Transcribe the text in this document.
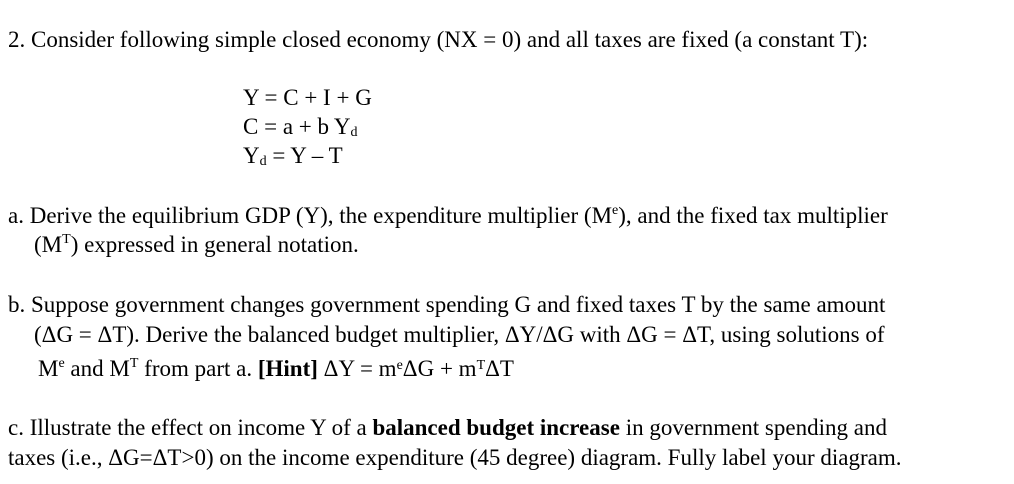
2. Consider following simple closed economy (NX = 0) and all taxes are fixed (a constant T):
Y = C + I + G
C = a + b $Y_d$
$Y_d = Y - T$
a. Derive the equilibrium GDP (Y), the expenditure multiplier (Me), and the fixed tax multiplier
$(M^T)$ expressed in general notation.
b. Suppose government changes government spending G and fixed taxes T by the same amount
(ΔG = ΔT). Derive the balanced budget multiplier, ΔY/ΔG with ΔG = ΔT, using solutions of
Me and $M^T$ from part a. [Hint] $\Delta Y = m^e\Delta G + m^T\Delta T$
c. Illustrate the effect on income Y of a balanced budget increase in government spending and
taxes (i.e., ΔG=ΔT>0) on the income expenditure (45 degree) diagram. Fully label your diagram.
